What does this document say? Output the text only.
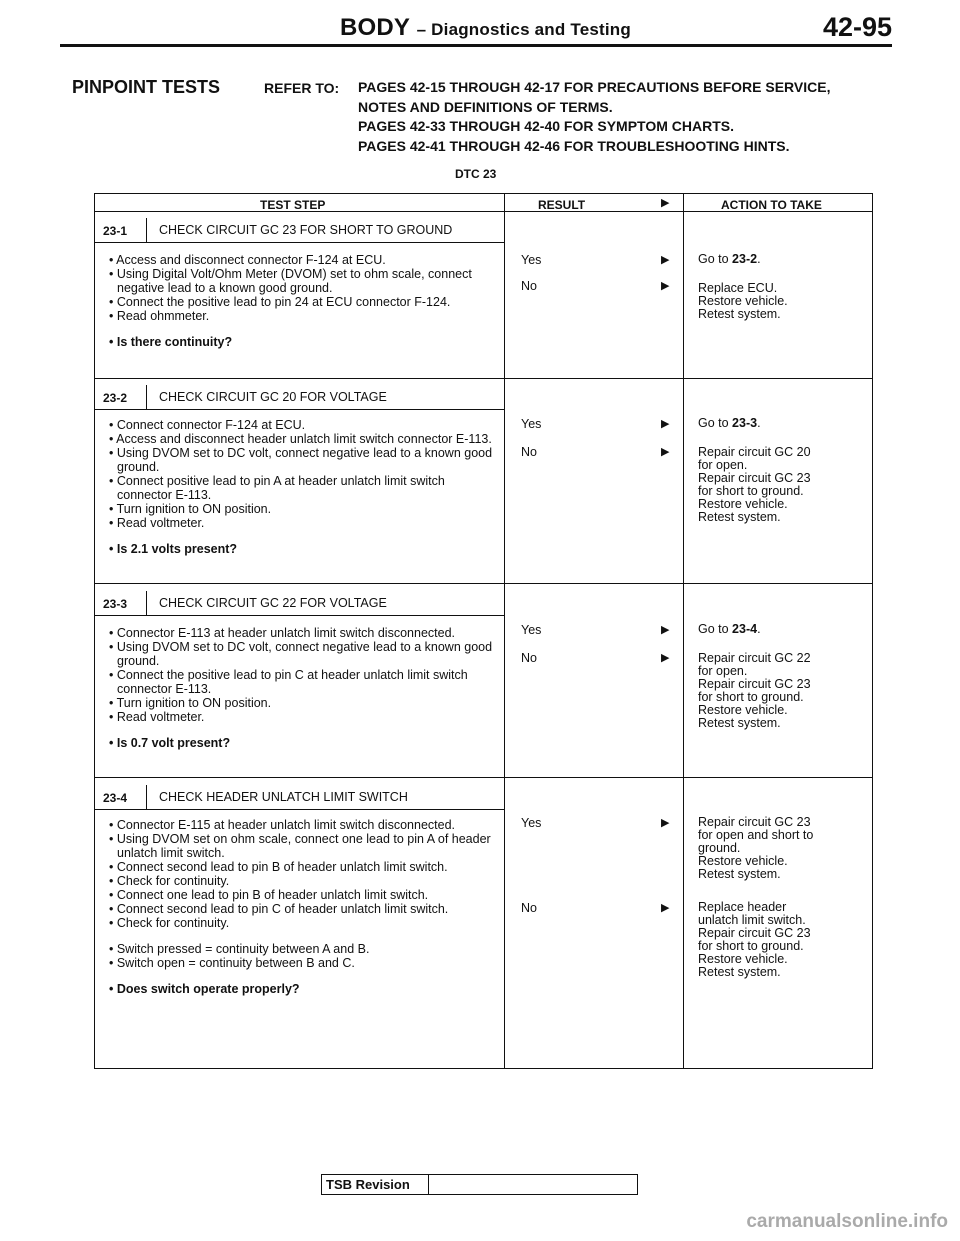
BODY – Diagnostics and Testing	42-95
PINPOINT TESTS	REFER TO: PAGES 42-15 THROUGH 42-17 FOR PRECAUTIONS BEFORE SERVICE,
NOTES AND DEFINITIONS OF TERMS.
PAGES 42-33 THROUGH 42-40 FOR SYMPTOM CHARTS.
PAGES 42-41 THROUGH 42-46 FOR TROUBLESHOOTING HINTS.
DTC 23
TEST STEP	RESULT	▶	ACTION TO TAKE
23-1	CHECK CIRCUIT GC 23 FOR SHORT TO GROUND
• Access and disconnect connector F-124 at ECU.
• Using Digital Volt/Ohm Meter (DVOM) set to ohm scale, connect negative lead to a known good ground.
• Connect the positive lead to pin 24 at ECU connector F-124.
• Read ohmmeter.
• Is there continuity?
Yes	▶ Go to 23-2.
No	▶ Replace ECU.
Restore vehicle.
Retest system.
23-2	CHECK CIRCUIT GC 20 FOR VOLTAGE
• Connect connector F-124 at ECU.
• Access and disconnect header unlatch limit switch connector E-113.
• Using DVOM set to DC volt, connect negative lead to a known good ground.
• Connect positive lead to pin A at header unlatch limit switch connector E-113.
• Turn ignition to ON position.
• Read voltmeter.
• Is 2.1 volts present?
Yes	▶ Go to 23-3.
No	▶ Repair circuit GC 20
for open.
Repair circuit GC 23
for short to ground.
Restore vehicle.
Retest system.
23-3	CHECK CIRCUIT GC 22 FOR VOLTAGE
• Connector E-113 at header unlatch limit switch disconnected.
• Using DVOM set to DC volt, connect negative lead to a known good ground.
• Connect the positive lead to pin C at header unlatch limit switch connector E-113.
• Turn ignition to ON position.
• Read voltmeter.
• Is 0.7 volt present?
Yes	▶ Go to 23-4.
No	▶ Repair circuit GC 22
for open.
Repair circuit GC 23
for short to ground.
Restore vehicle.
Retest system.
23-4	CHECK HEADER UNLATCH LIMIT SWITCH
• Connector E-115 at header unlatch limit switch disconnected.
• Using DVOM set on ohm scale, connect one lead to pin A of header unlatch limit switch.
• Connect second lead to pin B of header unlatch limit switch.
• Check for continuity.
• Connect one lead to pin B of header unlatch limit switch.
• Connect second lead to pin C of header unlatch limit switch.
• Check for continuity.
• Switch pressed = continuity between A and B.
• Switch open = continuity between B and C.
• Does switch operate properly?
Yes	▶ Repair circuit GC 23
for open and short to
ground.
Restore vehicle.
Retest system.
No	▶ Replace header
unlatch limit switch.
Repair circuit GC 23
for short to ground.
Restore vehicle.
Retest system.
TSB Revision
carmanualsonline.info
